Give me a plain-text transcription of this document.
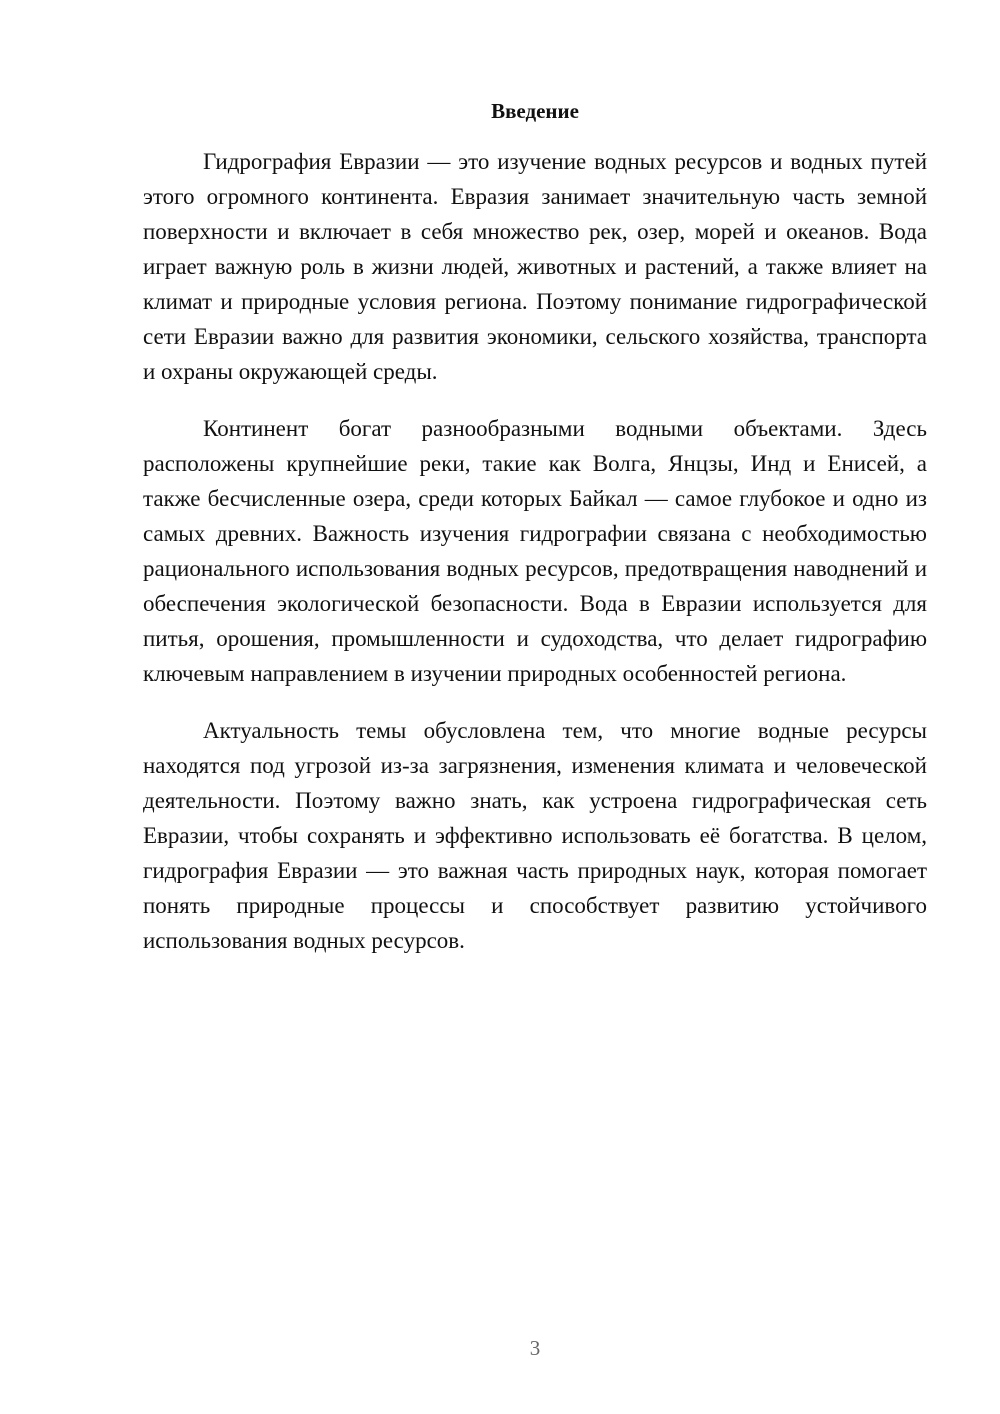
Введение

Гидрография Евразии — это изучение водных ресурсов и водных путей этого огромного континента. Евразия занимает значительную часть земной поверхности и включает в себя множество рек, озер, морей и океанов. Вода играет важную роль в жизни людей, животных и растений, а также влияет на климат и природные условия региона. Поэтому понимание гидрографической сети Евразии важно для развития экономики, сельского хозяйства, транспорта и охраны окружающей среды.

Континент богат разнообразными водными объектами. Здесь расположены крупнейшие реки, такие как Волга, Янцзы, Инд и Енисей, а также бесчисленные озера, среди которых Байкал — самое глубокое и одно из самых древних. Важность изучения гидрографии связана с необходимостью рационального использования водных ресурсов, предотвращения наводнений и обеспечения экологической безопасности. Вода в Евразии используется для питья, орошения, промышленности и судоходства, что делает гидрографию ключевым направлением в изучении природных особенностей региона.

Актуальность темы обусловлена тем, что многие водные ресурсы находятся под угрозой из-за загрязнения, изменения климата и человеческой деятельности. Поэтому важно знать, как устроена гидрографическая сеть Евразии, чтобы сохранять и эффективно использовать её богатства. В целом, гидрография Евразии — это важная часть природных наук, которая помогает понять природные процессы и способствует развитию устойчивого использования водных ресурсов.

3
